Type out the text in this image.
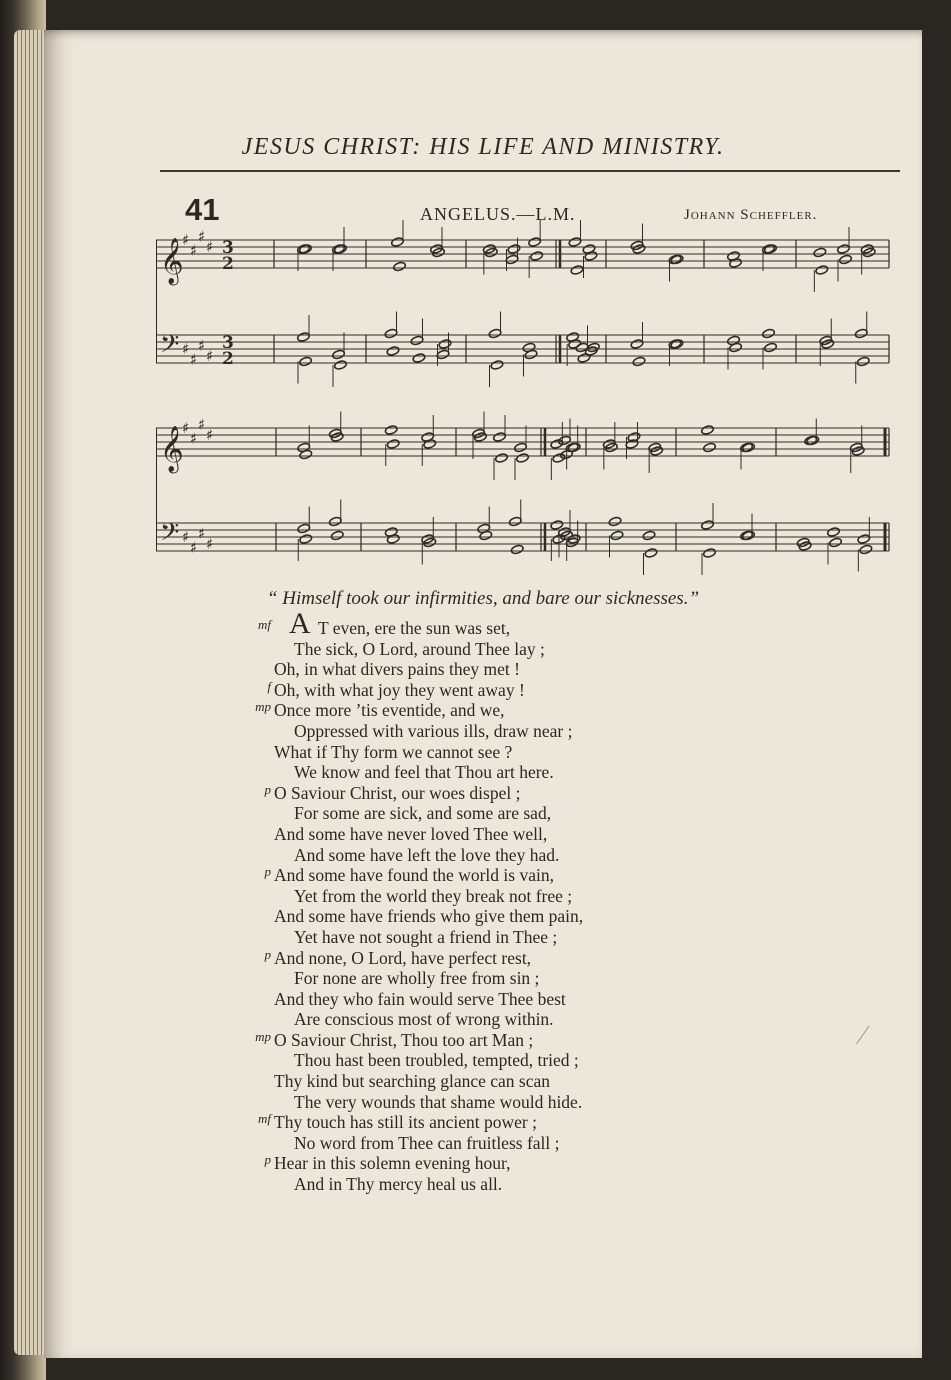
JESUS CHRIST: HIS LIFE AND MINISTRY.
41	ANGELUS.—L.M.	Johann Scheffler.
𝄞
♯
♯
♯
♯ 3
2
𝄢 ♯
♯
♯
♯
3
2
𝄞
♯
♯
♯
♯
𝄢 ♯
♯
♯
♯
“ Himself took our infirmities, and bare our sicknesses.”
A
mf	T even, ere the sun was set,
The sick, O Lord, around Thee lay ;
Oh, in what divers pains they met !
f Oh, with what joy they went away !
mp Once more ’tis eventide, and we,
Oppressed with various ills, draw near ;
What if Thy form we cannot see ?
We know and feel that Thou art here.
p O Saviour Christ, our woes dispel ;
For some are sick, and some are sad,
And some have never loved Thee well,
And some have left the love they had.
p And some have found the world is vain,
Yet from the world they break not free ;
And some have friends who give them pain,
Yet have not sought a friend in Thee ;
p And none, O Lord, have perfect rest,
For none are wholly free from sin ;
And they who fain would serve Thee best
Are conscious most of wrong within.
mp O Saviour Christ, Thou too art Man ;
Thou hast been troubled, tempted, tried ;
Thy kind but searching glance can scan
The very wounds that shame would hide.
mf Thy touch has still its ancient power ;
No word from Thee can fruitless fall ;
p Hear in this solemn evening hour,
And in Thy mercy heal us all.
